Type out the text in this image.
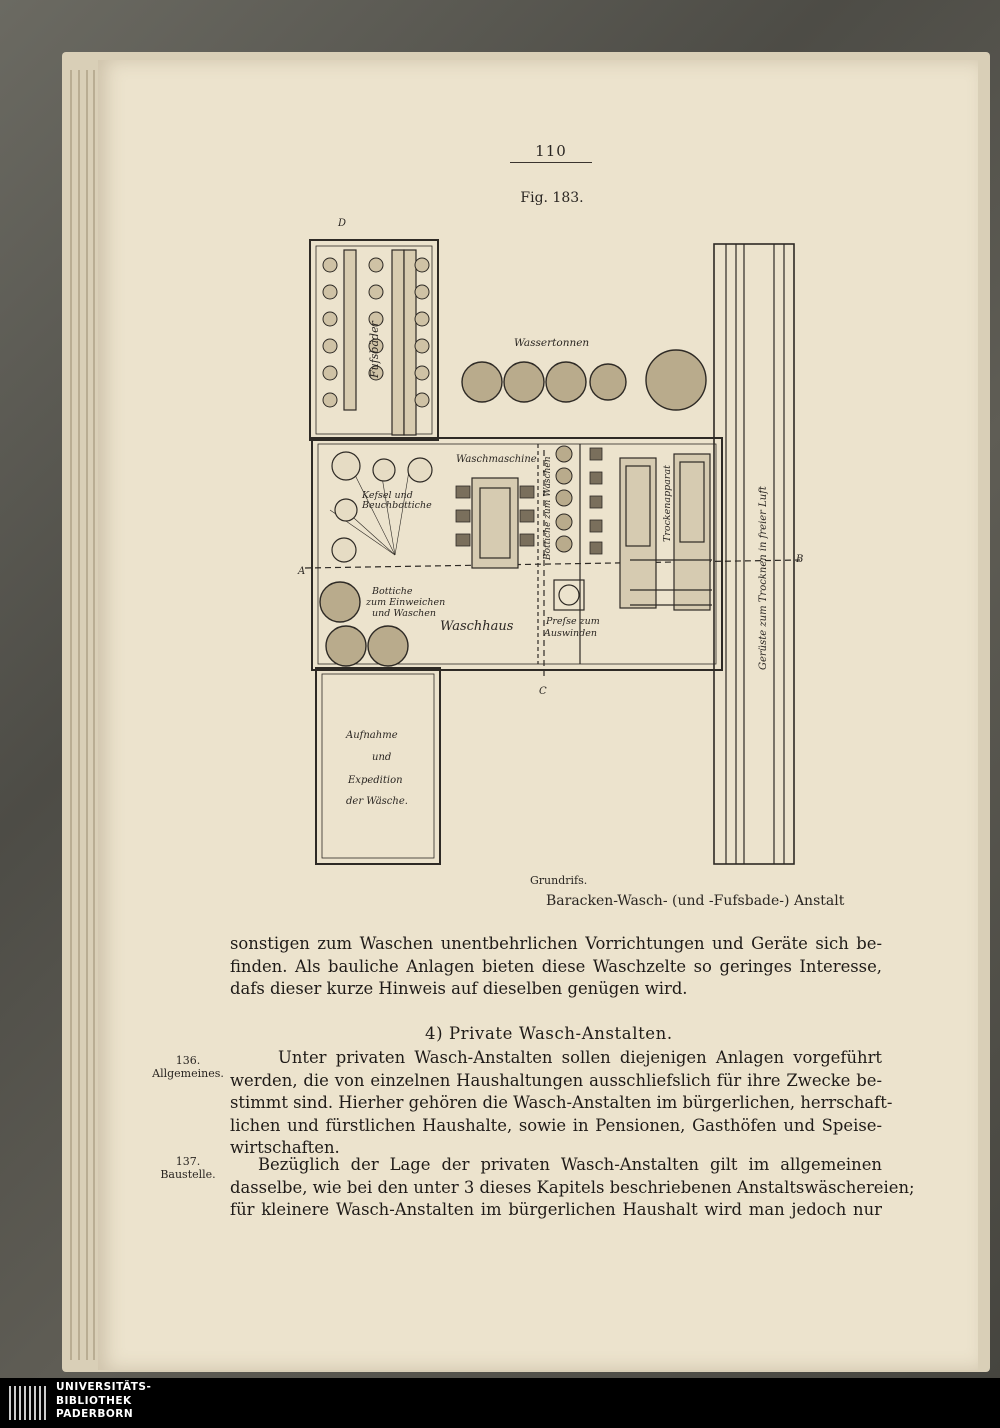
110
Fig. 183.
Fufsbäder	Wassertonnen
Waschmaschine
Kefsel und
Beuchbottiche	Bottiche zum Waschen	Trockenapparat	Gerüste zum Trocknen in freier Luft
Bottiche
zum Einweichen
und Waschen
Waschhaus	Preſse zum
Auswinden
Aufnahme
und
Expedition
der Wäsche.
A
B
C
D
Grundrifs.
Baracken-Wasch- (und -Fufsbade-) Anstalt
sonstigen zum Waschen unentbehrlichen Vorrichtungen und Geräte sich be-
finden. Als bauliche Anlagen bieten diese Waschzelte so geringes Interesse,
dafs dieser kurze Hinweis auf dieselben genügen wird.
4) Private Wasch-Anstalten.
Unter privaten Wasch-Anstalten sollen diejenigen Anlagen vorgeführt
werden, die von einzelnen Haushaltungen ausschliefslich für ihre Zwecke be-
stimmt sind. Hierher gehören die Wasch-Anstalten im bürgerlichen, herrschaft-
lichen und fürstlichen Haushalte, sowie in Pensionen, Gasthöfen und Speise-
wirtschaften.
Bezüglich der Lage der privaten Wasch-Anstalten gilt im allgemeinen
dasselbe, wie bei den unter 3 dieses Kapitels beschriebenen Anstaltswäschereien;
für kleinere Wasch-Anstalten im bürgerlichen Haushalt wird man jedoch nur
136.
Allgemeines.
137.
Baustelle.
UNIVERSITÄTS-
BIBLIOTHEK
PADERBORN
